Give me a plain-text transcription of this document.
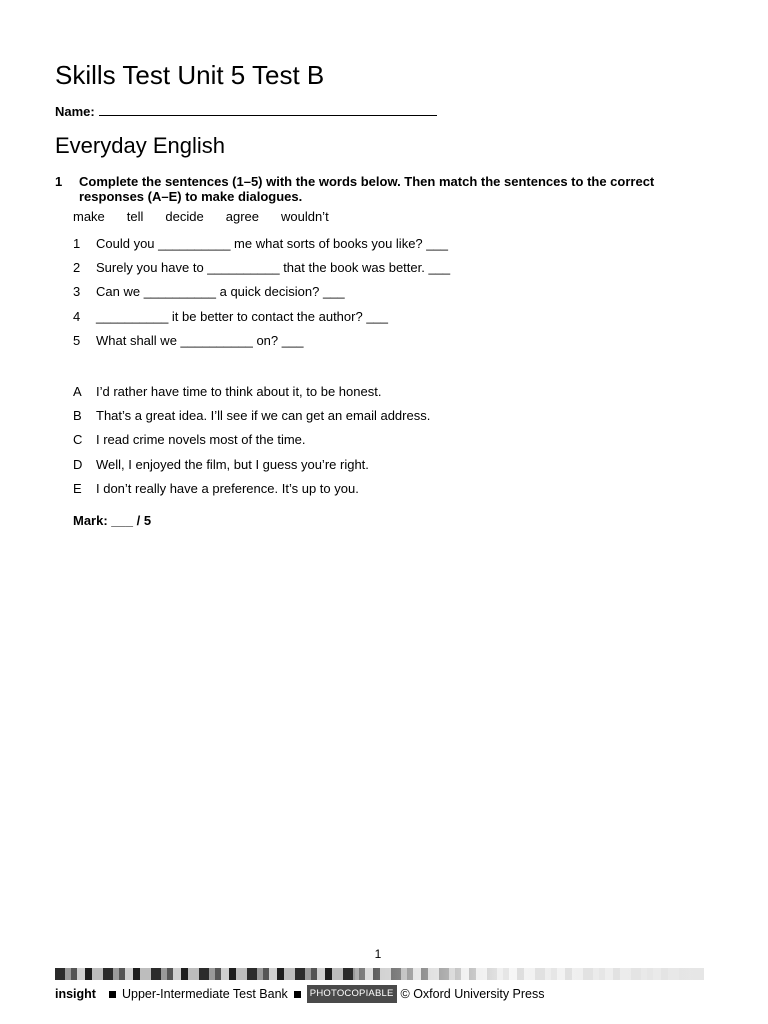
Skills Test Unit 5 Test B
Name:
Everyday English
1 Complete the sentences (1–5) with the words below. Then match the sentences to the correct responses (A–E) to make dialogues.
make tell decide agree wouldn’t
1 Could you __________ me what sorts of books you like? ___
2 Surely you have to __________ that the book was better. ___
3 Can we __________ a quick decision? ___
4 __________ it be better to contact the author? ___
5 What shall we __________ on? ___
A I’d rather have time to think about it, to be honest.
B That’s a great idea. I’ll see if we can get an email address.
C I read crime novels most of the time.
D Well, I enjoyed the film, but I guess you’re right.
E I don’t really have a preference. It’s up to you.
Mark: ___ / 5
1
insight Upper-Intermediate Test Bank	PHOTOCOPIABLE © Oxford University Press
